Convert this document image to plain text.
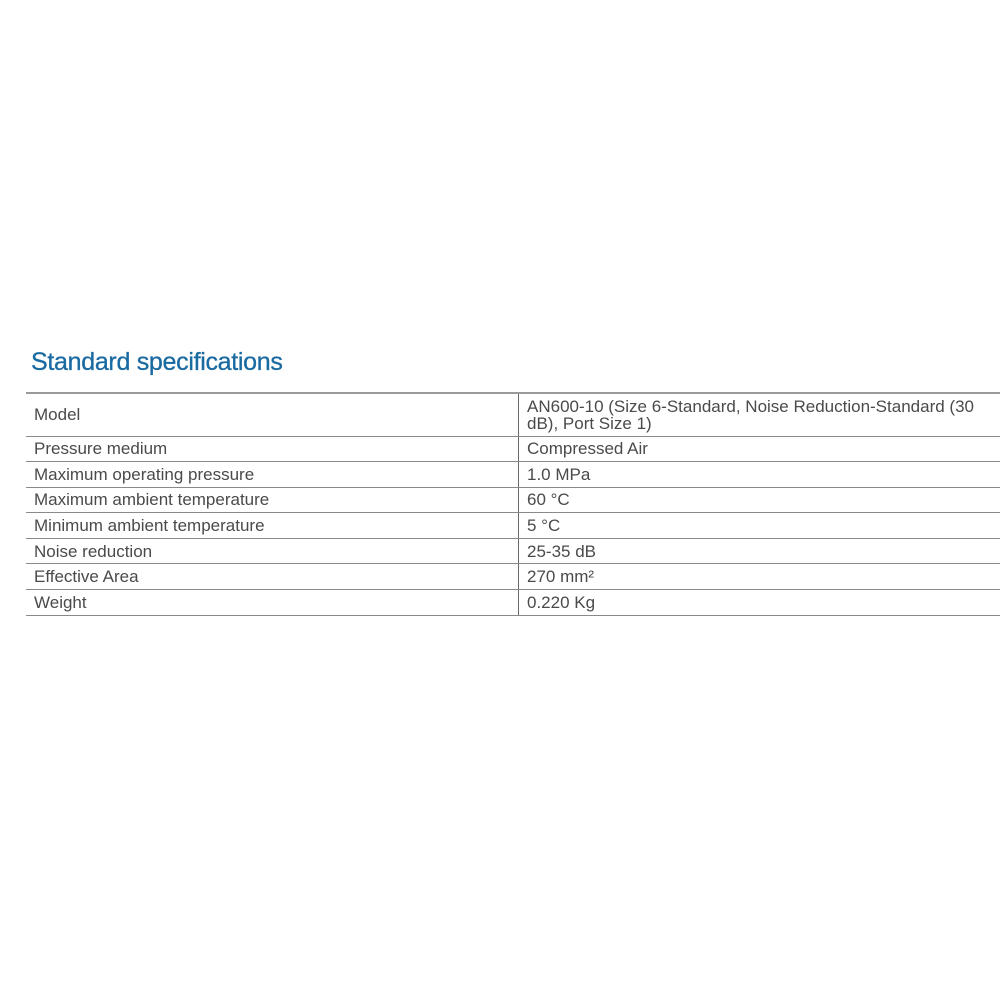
Standard specifications
Model	AN600-10 (Size 6-Standard, Noise Reduction-Standard (30 dB), Port Size 1)
Pressure medium	Compressed Air
Maximum operating pressure	1.0 MPa
Maximum ambient temperature	60 °C
Minimum ambient temperature	5 °C
Noise reduction	25-35 dB
Effective Area	270 mm²
Weight	0.220 Kg
